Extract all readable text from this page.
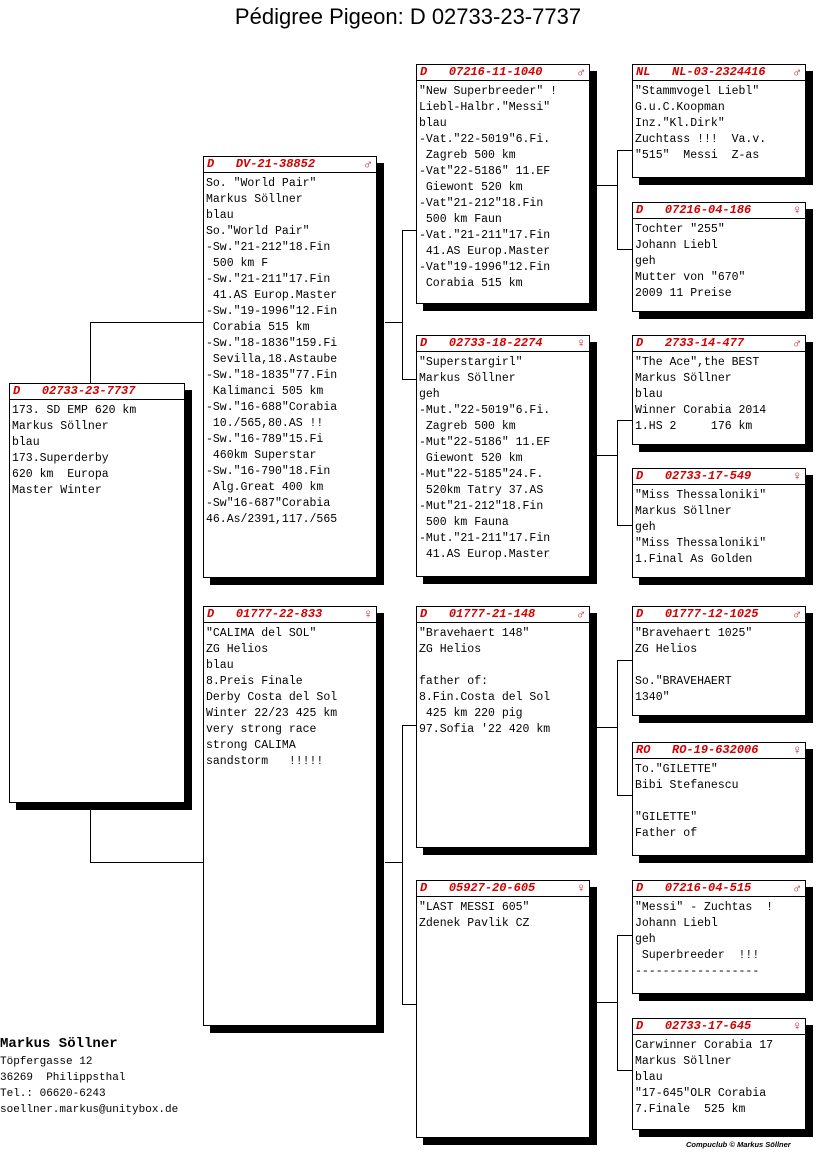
Pédigree Pigeon: D 02733-23-7737
D 02733-23-7737
173. SD EMP 620 km
Markus Söllner
blau
173.Superderby
620 km  Europa
Master Winter
D DV-21-38852	♂
So. "World Pair"
Markus Söllner
blau
So."World Pair"
-Sw."21-212"18.Fin
500 km F
-Sw."21-211"17.Fin
41.AS Europ.Master
-Sw."19-1996"12.Fin
Corabia 515 km
-Sw."18-1836"159.Fi
Sevilla,18.Astaube
-Sw."18-1835"77.Fin
Kalimanci 505 km
-Sw."16-688"Corabia
10./565,80.AS !!
-Sw."16-789"15.Fi
460km Superstar
-Sw."16-790"18.Fin
Alg.Great 400 km
-Sw"16-687"Corabia
46.As/2391,117./565
D 01777-22-833	♀
"CALIMA del SOL"
ZG Helios
blau
8.Preis Finale
Derby Costa del Sol
Winter 22/23 425 km
very strong race
strong CALIMA
sandstorm   !!!!!
D 07216-11-1040	♂
"New Superbreeder" !
Liebl-Halbr."Messi"
blau
-Vat."22-5019"6.Fi.
Zagreb 500 km
-Vat"22-5186" 11.EF
Giewont 520 km
-Vat"21-212"18.Fin
500 km Faun
-Vat."21-211"17.Fin
41.AS Europ.Master
-Vat"19-1996"12.Fin
Corabia 515 km
D 02733-18-2274	♀
"Superstargirl"
Markus Söllner
geh
-Mut."22-5019"6.Fi.
Zagreb 500 km
-Mut"22-5186" 11.EF
Giewont 520 km
-Mut"22-5185"24.F.
520km Tatry 37.AS
-Mut"21-212"18.Fin
500 km Fauna
-Mut."21-211"17.Fin
41.AS Europ.Master
D 01777-21-148	♂
"Bravehaert 148"
ZG Helios
father of:
8.Fin.Costa del Sol
425 km 220 pig
97.Sofia '22 420 km
D 05927-20-605	♀
"LAST MESSI 605"
Zdenek Pavlik CZ
NL NL-03-2324416 ♂
"Stammvogel Liebl"
G.u.C.Koopman
Inz."Kl.Dirk"
Zuchtass !!!  Va.v.
"515"  Messi  Z-as
D 07216-04-186	♀
Tochter "255"
Johann Liebl
geh
Mutter von "670"
2009 11 Preise
D 2733-14-477	♂
"The Ace",the BEST
Markus Söllner
blau
Winner Corabia 2014
1.HS 2     176 km
D 02733-17-549	♀
"Miss Thessaloniki"
Markus Söllner
geh
"Miss Thessaloniki"
1.Final As Golden
D 01777-12-1025	♂
"Bravehaert 1025"
ZG Helios
So."BRAVEHAERT
1340"
RO RO-19-632006	♀
To."GILETTE"
Bibi Stefanescu
"GILETTE"
Father of
D 07216-04-515	♂
"Messi" - Zuchtas  !
Johann Liebl
geh
Superbreeder  !!!
------------------
D 02733-17-645	♀
Carwinner Corabia 17
Markus Söllner
blau
"17-645"OLR Corabia
7.Finale  525 km
Markus Söllner
Töpfergasse 12
36269  Philippsthal
Tel.: 06620-6243
soellner.markus@unitybox.de
Compuclub © Markus Söllner
